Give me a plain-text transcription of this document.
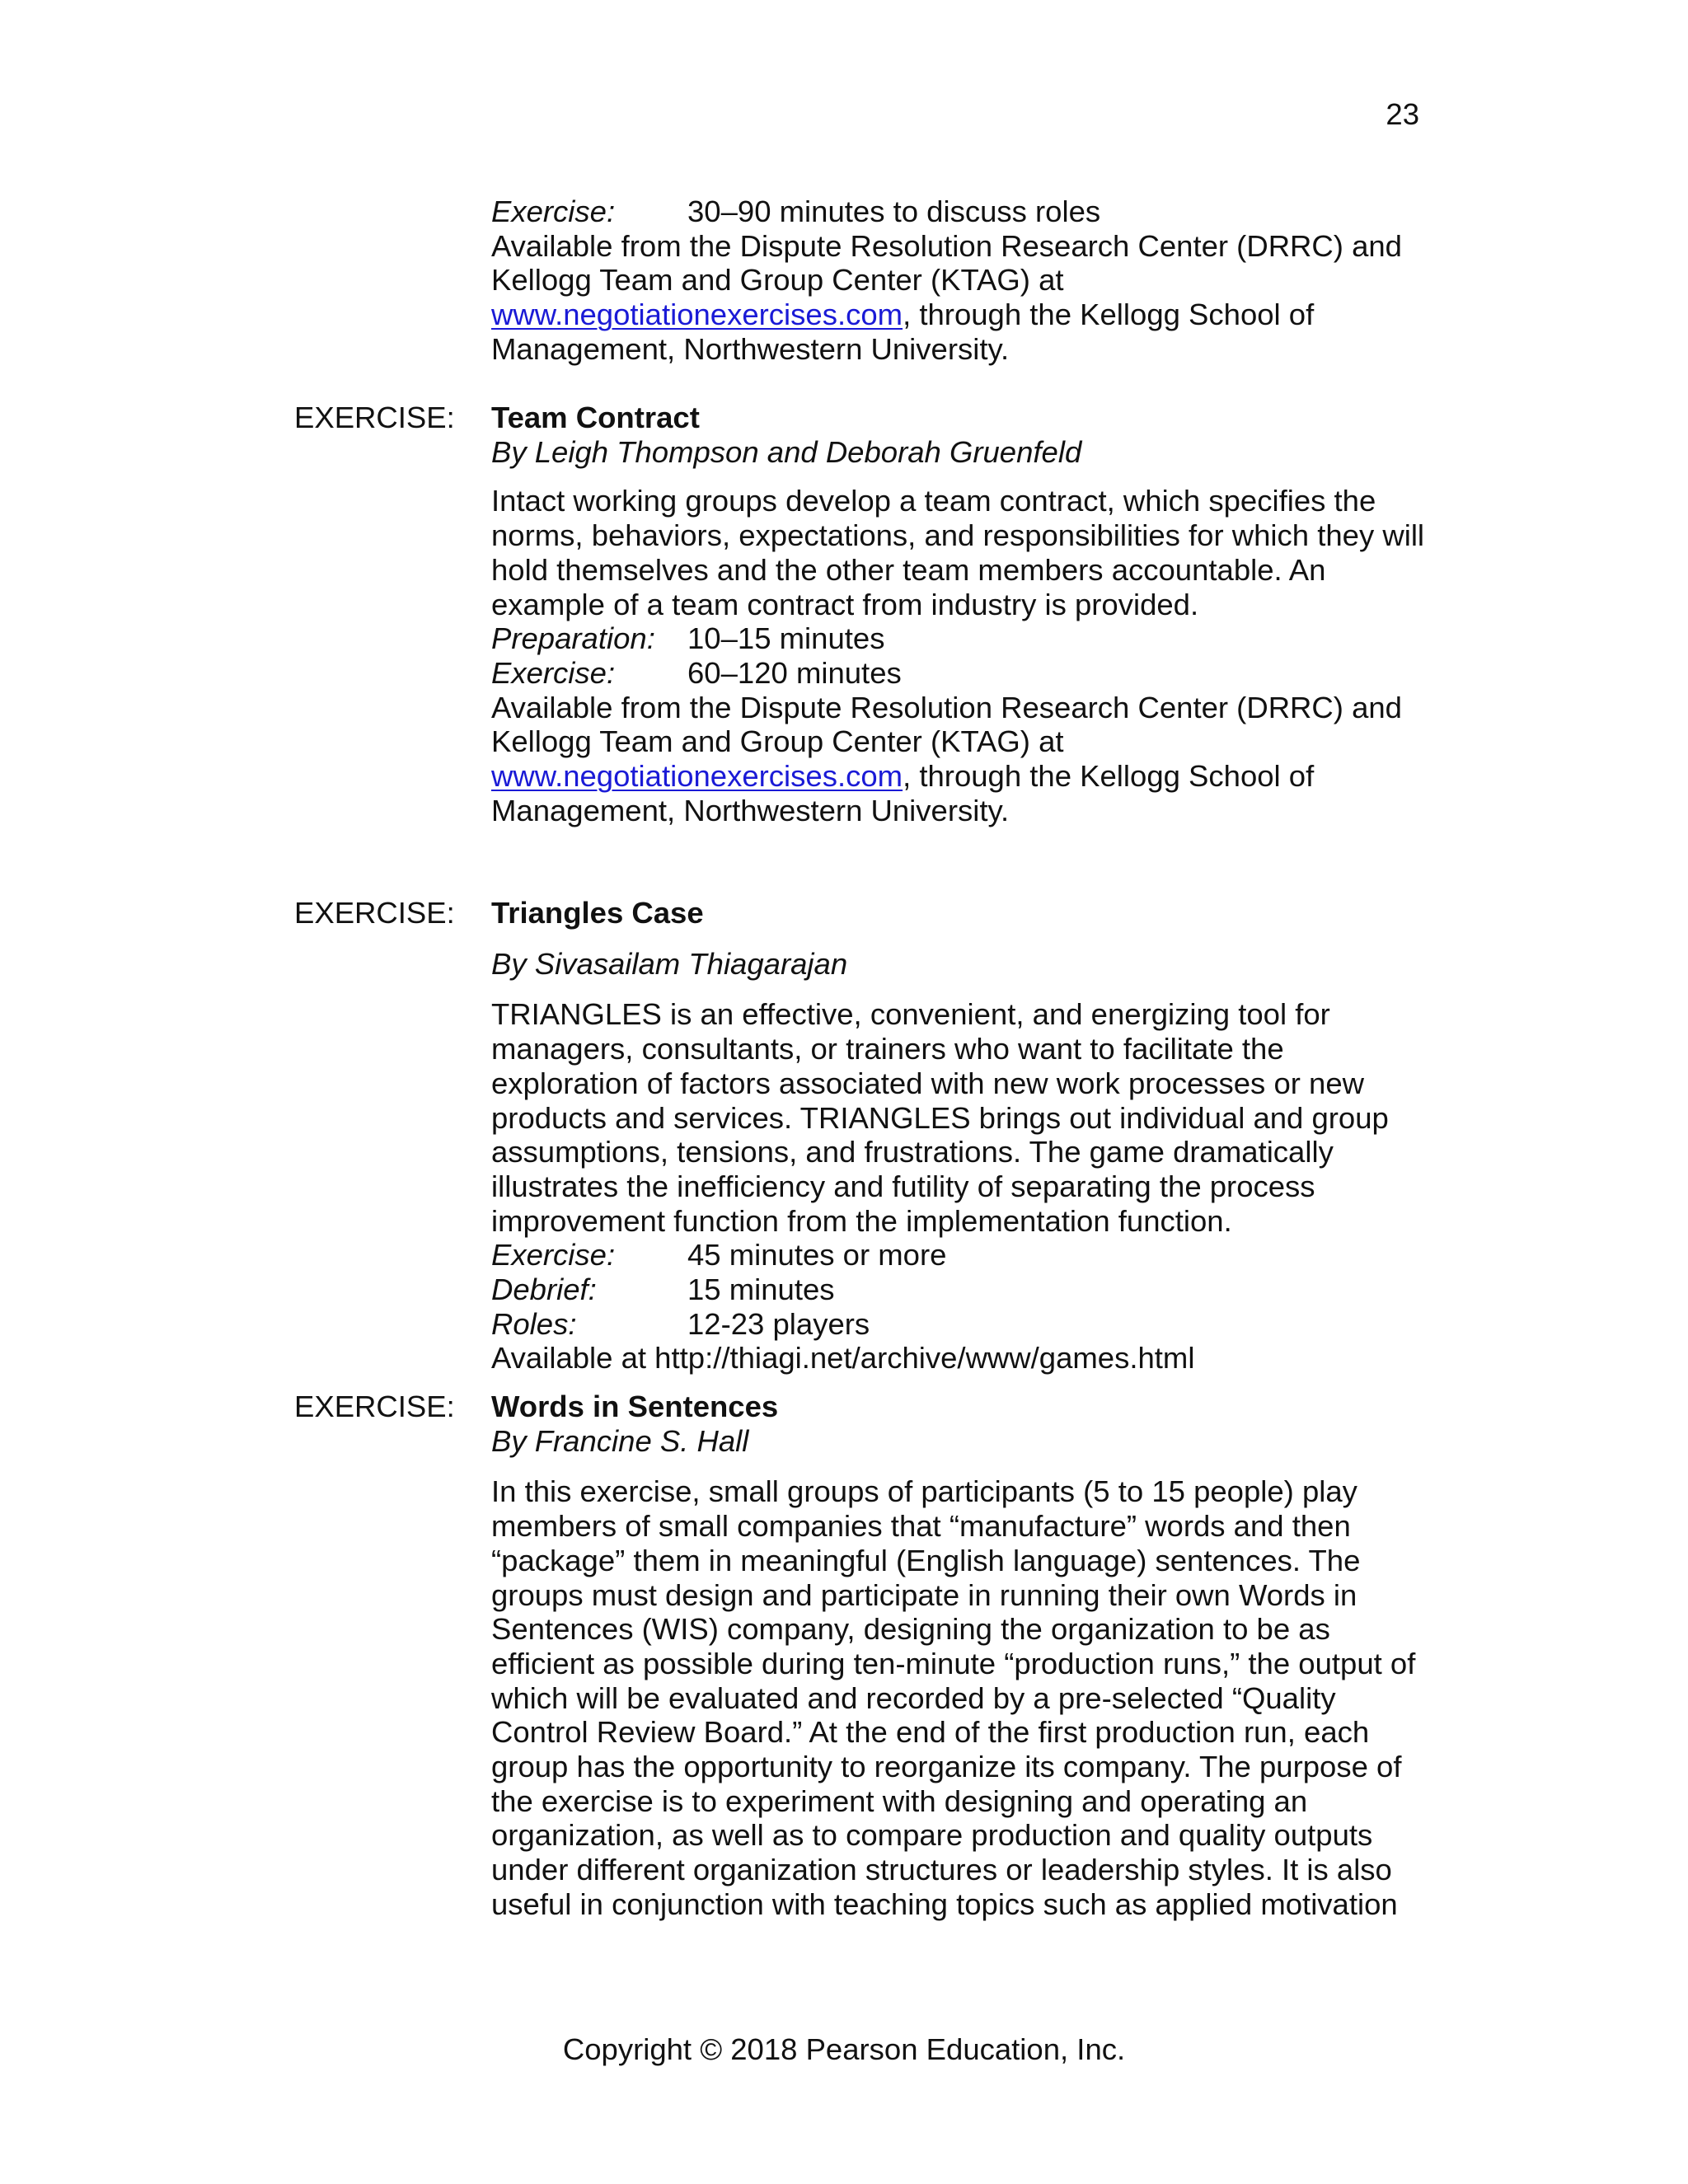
23
Exercise: 30–90 minutes to discuss roles
Available from the Dispute Resolution Research Center (DRRC) and
Kellogg Team and Group Center (KTAG) at
www.negotiationexercises.com, through the Kellogg School of
Management, Northwestern University.
EXERCISE: Team Contract
By Leigh Thompson and Deborah Gruenfeld
Intact working groups develop a team contract, which specifies the
norms, behaviors, expectations, and responsibilities for which they will
hold themselves and the other team members accountable. An
example of a team contract from industry is provided.
Preparation: 10–15 minutes
Exercise: 60–120 minutes
Available from the Dispute Resolution Research Center (DRRC) and
Kellogg Team and Group Center (KTAG) at
www.negotiationexercises.com, through the Kellogg School of
Management, Northwestern University.
EXERCISE: Triangles Case
By Sivasailam Thiagarajan
TRIANGLES is an effective, convenient, and energizing tool for
managers, consultants, or trainers who want to facilitate the
exploration of factors associated with new work processes or new
products and services. TRIANGLES brings out individual and group
assumptions, tensions, and frustrations. The game dramatically
illustrates the inefficiency and futility of separating the process
improvement function from the implementation function.
Exercise: 45 minutes or more
Debrief:	15 minutes
Roles:	12-23 players
Available at http://thiagi.net/archive/www/games.html
EXERCISE: Words in Sentences
By Francine S. Hall
In this exercise, small groups of participants (5 to 15 people) play
members of small companies that “manufacture” words and then
“package” them in meaningful (English language) sentences. The
groups must design and participate in running their own Words in
Sentences (WIS) company, designing the organization to be as
efficient as possible during ten-minute “production runs,” the output of
which will be evaluated and recorded by a pre-selected “Quality
Control Review Board.” At the end of the first production run, each
group has the opportunity to reorganize its company. The purpose of
the exercise is to experiment with designing and operating an
organization, as well as to compare production and quality outputs
under different organization structures or leadership styles. It is also
useful in conjunction with teaching topics such as applied motivation
Copyright © 2018 Pearson Education, Inc.
